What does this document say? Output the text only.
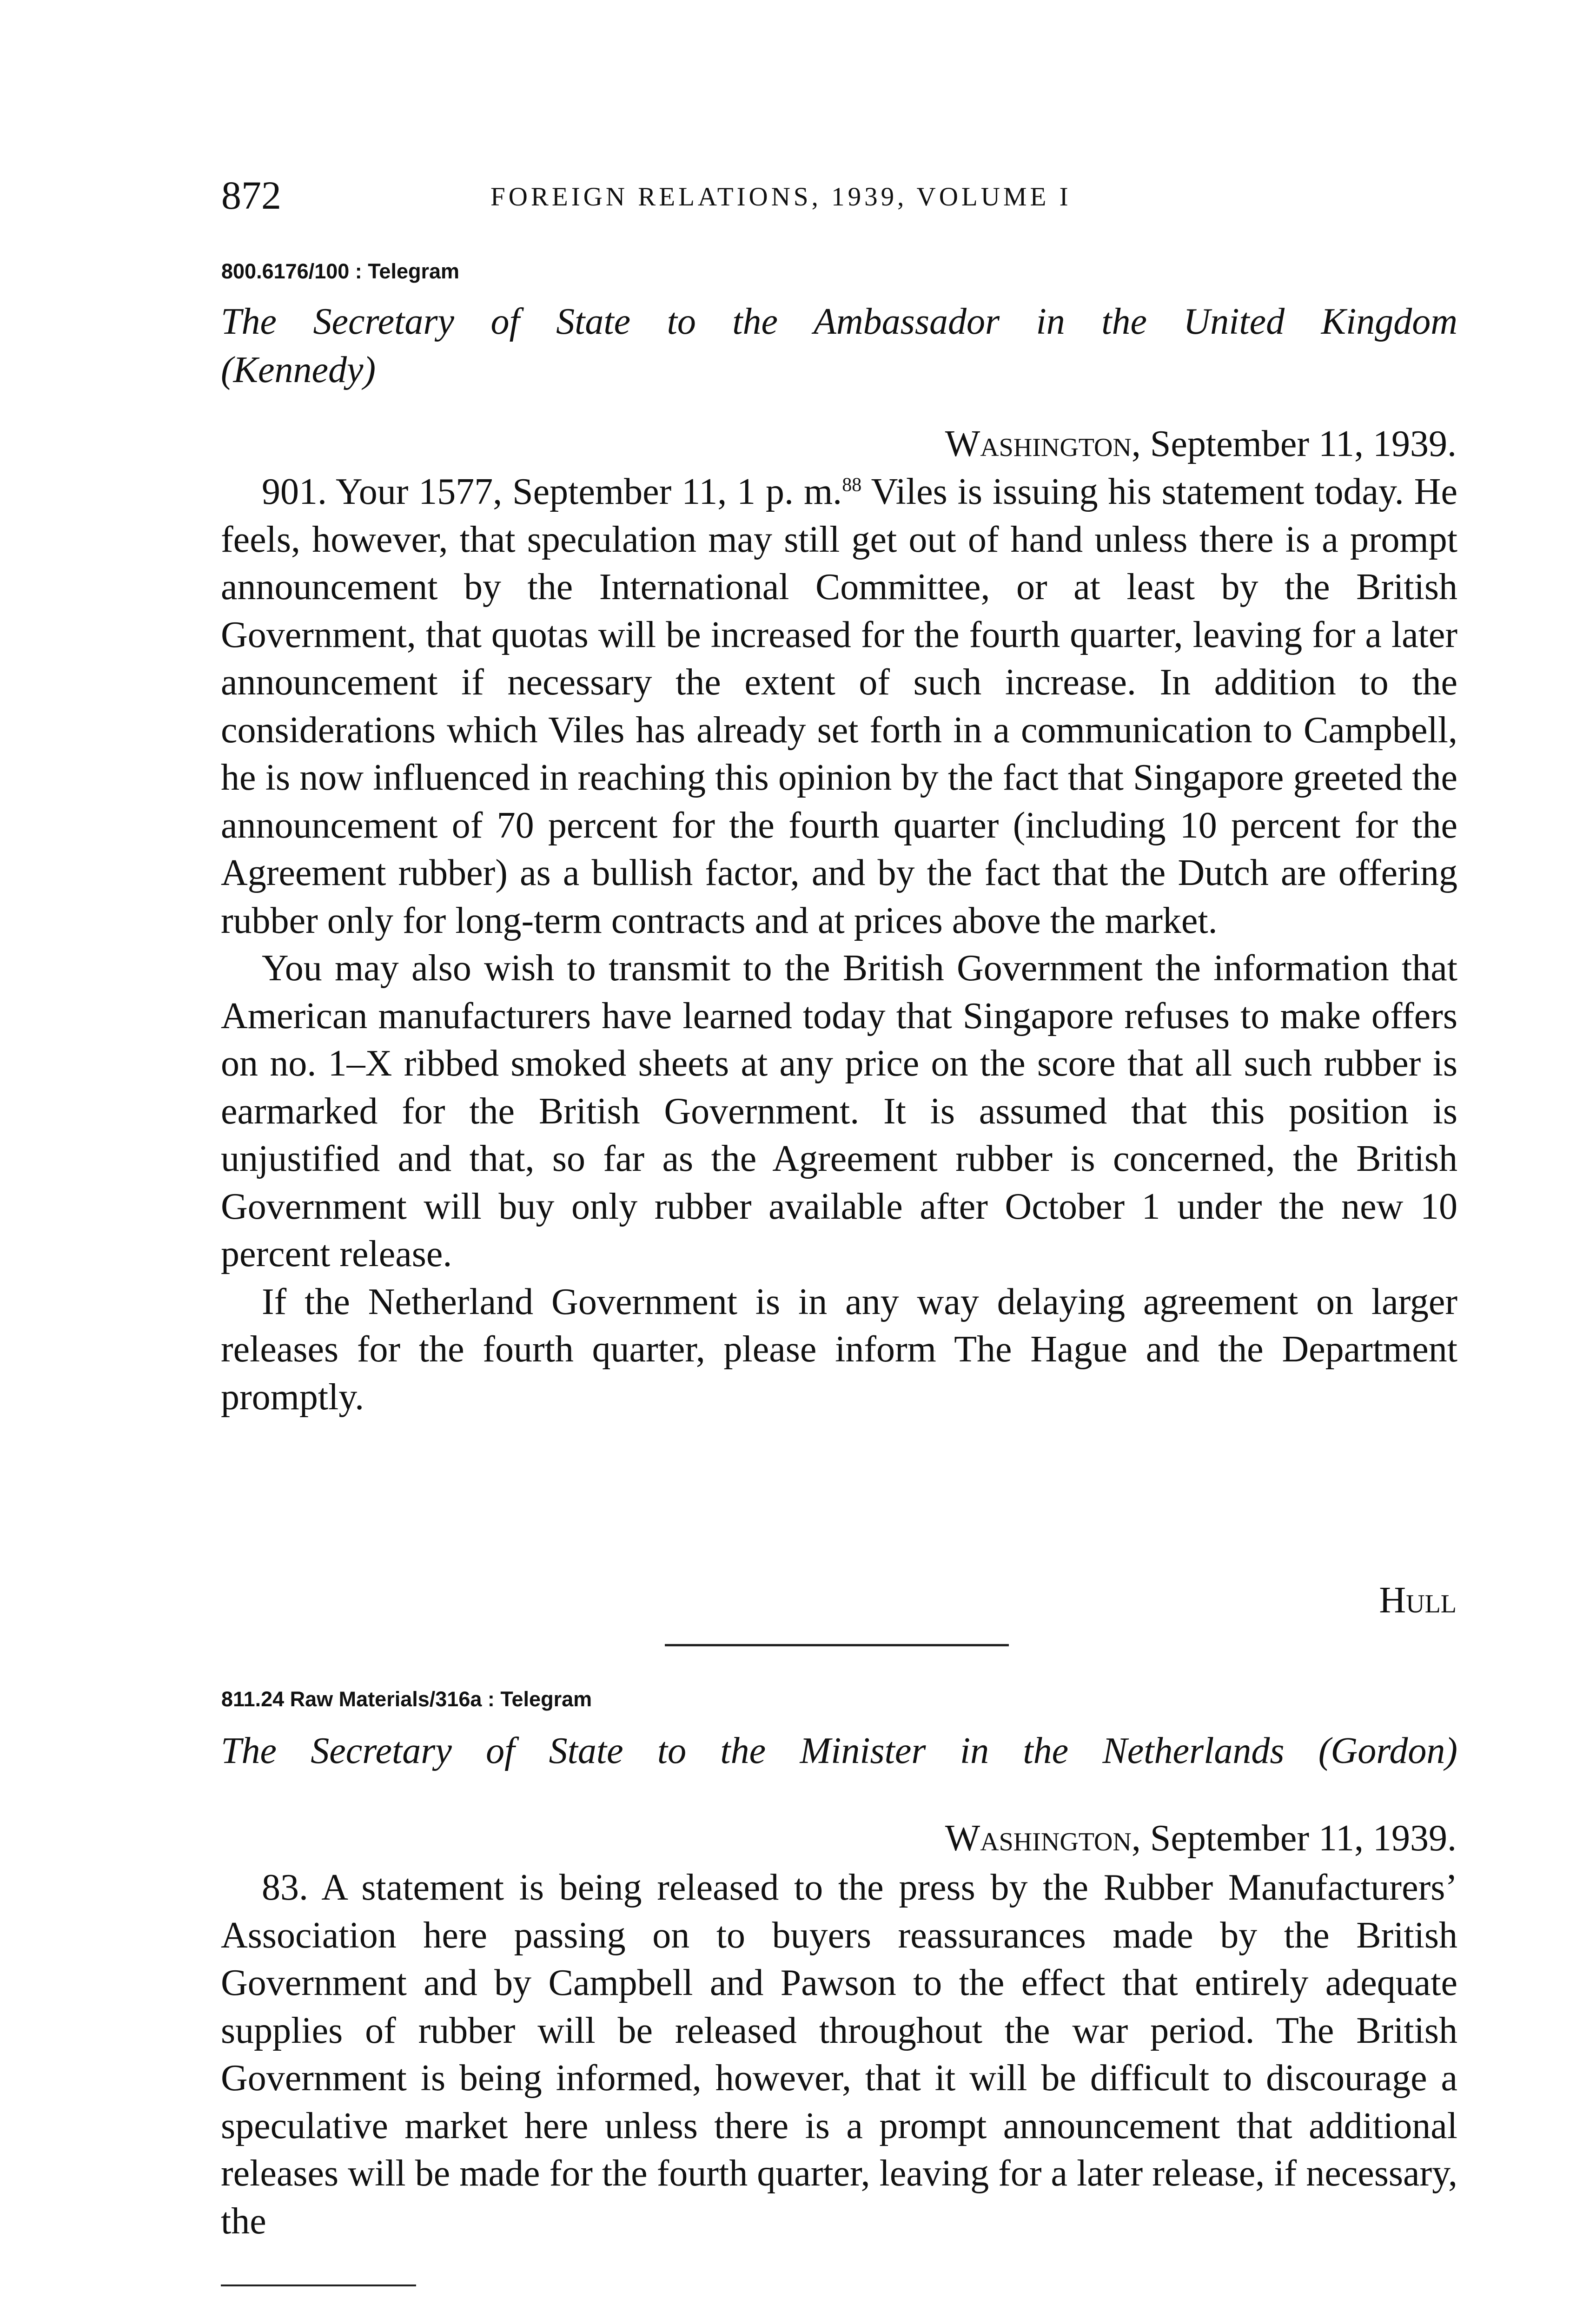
872	FOREIGN RELATIONS, 1939, VOLUME I
800.6176/100 : Telegram
The Secretary of State to the Ambassador in the United Kingdom
(Kennedy)
Washington, September 11, 1939.

901. Your 1577, September 11, 1 p. m.$^{88}$ Viles is issuing his statement today. He feels, however, that speculation may still get out of hand unless there is a prompt announcement by the International Committee, or at least by the British Government, that quotas will be increased for the fourth quarter, leaving for a later announcement if necessary the extent of such increase. In addition to the considerations which Viles has already set forth in a communication to Campbell, he is now influenced in reaching this opinion by the fact that Singapore greeted the announcement of 70 percent for the fourth quarter (including 10 percent for the Agreement rubber) as a bullish factor, and by the fact that the Dutch are offering rubber only for long-term contracts and at prices above the market.

You may also wish to transmit to the British Government the information that American manufacturers have learned today that Singapore refuses to make offers on no. 1–X ribbed smoked sheets at any price on the score that all such rubber is earmarked for the British Government. It is assumed that this position is unjustified and that, so far as the Agreement rubber is concerned, the British Government will buy only rubber available after October 1 under the new 10 percent release.

If the Netherland Government is in any way delaying agreement on larger releases for the fourth quarter, please inform The Hague and the Department promptly.

Hull
811.24 Raw Materials/316a : Telegram
The Secretary of State to the Minister in the Netherlands (Gordon)
Washington, September 11, 1939.

83. A statement is being released to the press by the Rubber Manufacturers’ Association here passing on to buyers reassurances made by the British Government and by Campbell and Pawson to the effect that entirely adequate supplies of rubber will be released throughout the war period. The British Government is being informed, however, that it will be difficult to discourage a speculative market here unless there is a prompt announcement that additional releases will be made for the fourth quarter, leaving for a later release, if necessary, the
